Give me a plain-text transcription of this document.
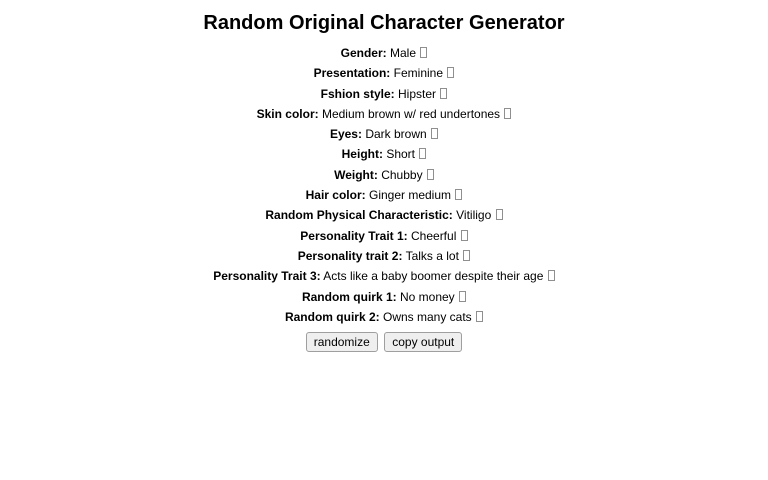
Random Original Character Generator
Gender: Male
Presentation: Feminine
Fshion style: Hipster
Skin color: Medium brown w/ red undertones
Eyes: Dark brown
Height: Short
Weight: Chubby
Hair color: Ginger medium
Random Physical Characteristic: Vitiligo
Personality Trait 1: Cheerful
Personality trait 2: Talks a lot
Personality Trait 3: Acts like a baby boomer despite their age
Random quirk 1: No money
Random quirk 2: Owns many cats
randomize copy output
